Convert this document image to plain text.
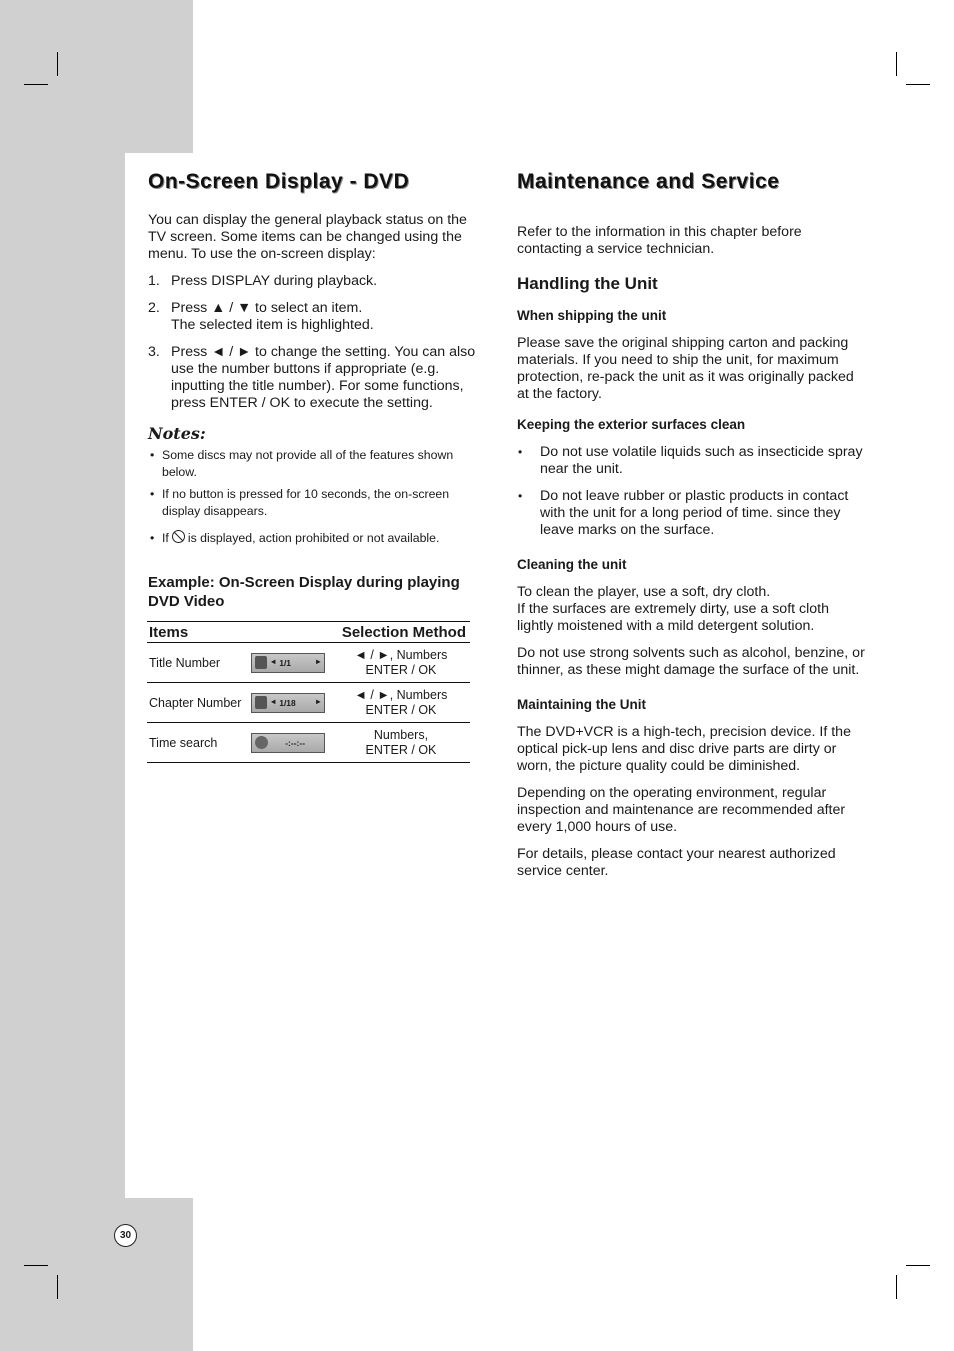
On-Screen Display - DVD

You can display the general playback status on the TV screen. Some items can be changed using the menu. To use the on-screen display:

1. Press DISPLAY during playback.
2. Press ▲ / ▼ to select an item.
The selected item is highlighted.
3. Press ◄ / ► to change the setting. You can also use the number buttons if appropriate (e.g. inputting the title number). For some functions, press ENTER / OK to execute the setting.
Notes:
• Some discs may not provide all of the features shown below.
• If no button is pressed for 10 seconds, the on-screen display disappears.
• If is displayed, action prohibited or not available.
Example: On-Screen Display during playing DVD Video
Items		Selection Method
Title Number	◂ 1/1 ▸	◄ / ►, Numbers
ENTER / OK
Chapter Number	◂ 1/18 ▸	◄ / ►, Numbers
ENTER / OK
Time search	-:--:--	Numbers,
ENTER / OK
Maintenance and Service

Refer to the information in this chapter before contacting a service technician.

Handling the Unit
When shipping the unit

Please save the original shipping carton and packing materials. If you need to ship the unit, for maximum protection, re-pack the unit as it was originally packed at the factory.

Keeping the exterior surfaces clean
• Do not use volatile liquids such as insecticide spray near the unit.
• Do not leave rubber or plastic products in contact with the unit for a long period of time. since they leave marks on the surface.
Cleaning the unit

To clean the player, use a soft, dry cloth.
If the surfaces are extremely dirty, use a soft cloth lightly moistened with a mild detergent solution.

Do not use strong solvents such as alcohol, benzine, or thinner, as these might damage the surface of the unit.

Maintaining the Unit

The DVD+VCR is a high-tech, precision device. If the optical pick-up lens and disc drive parts are dirty or worn, the picture quality could be diminished.

Depending on the operating environment, regular inspection and maintenance are recommended after every 1,000 hours of use.

For details, please contact your nearest authorized service center.

30
